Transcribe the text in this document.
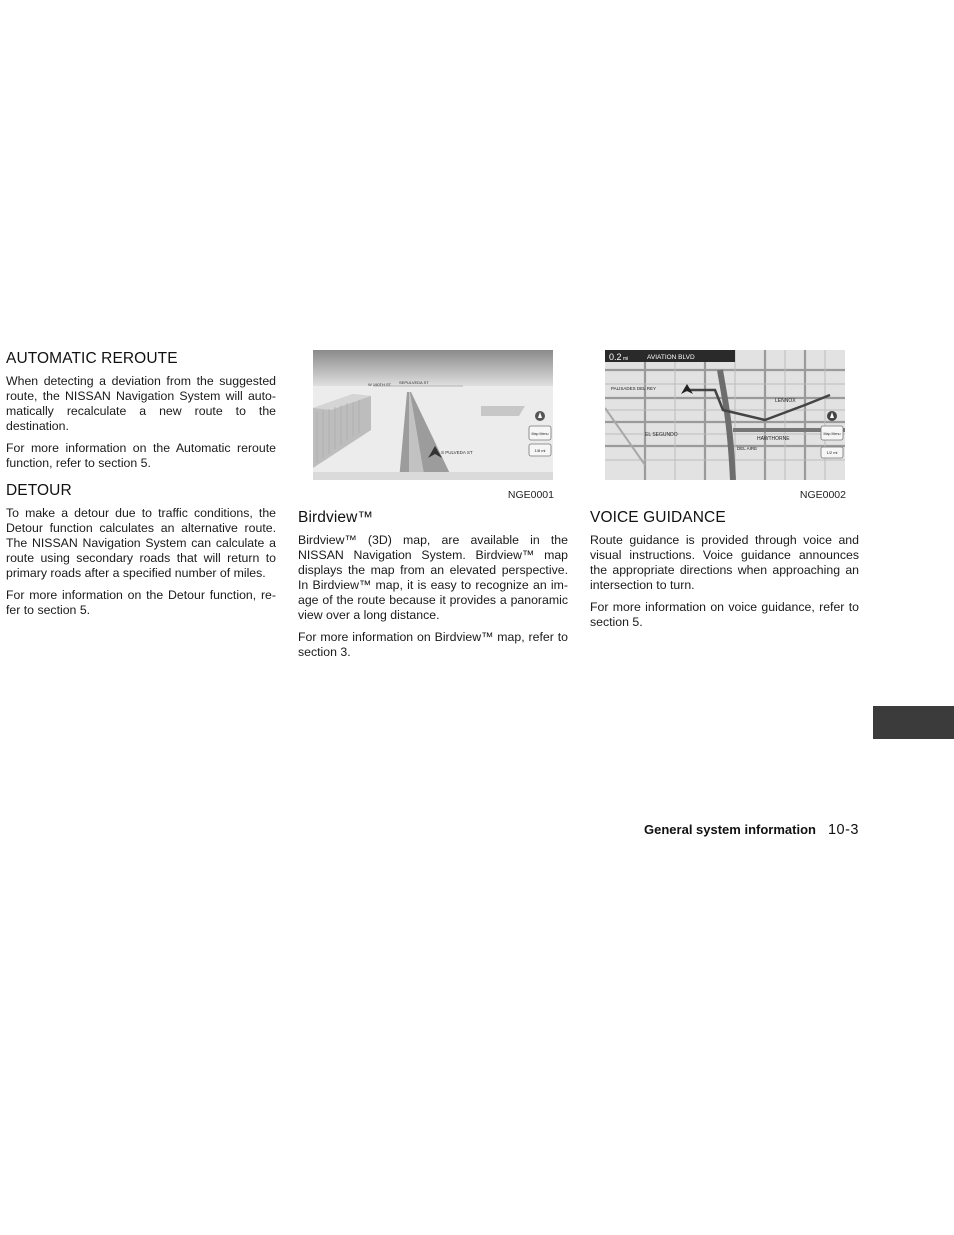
AUTOMATIC REROUTE

When detecting a deviation from the suggested route, the NISSAN Navigation System will auto-matically recalculate a new route to the destination.

For more information on the Automatic reroute function, refer to section 5.

DETOUR

To make a detour due to traffic conditions, the Detour function calculates an alternative route. The NISSAN Navigation System can calculate a route using secondary roads that will return to primary roads after a specified number of miles.

For more information on the Detour function, re-fer to section 5.

W 190TH ST SEPULVEDA ST
S PULVEDA ST
Map Menu
1/8 mi
NGE0001
Birdview™

Birdview™ (3D) map, are available in the NISSAN Navigation System. Birdview™ map displays the map from an elevated perspective. In Birdview™ map, it is easy to recognize an im-age of the route because it provides a panoramic view over a long distance.

For more information on Birdview™ map, refer to section 3.

0.2 mi	AVIATION BLVD
LENNOX
PALISADES DEL REY
EL SEGUNDO
HAWTHORNE
DEL AIRE
Map Menu
1/2 mi
NGE0002
VOICE GUIDANCE

Route guidance is provided through voice and visual instructions. Voice guidance announces the appropriate directions when approaching an intersection to turn.

For more information on voice guidance, refer to section 5.

General system information 10-3
